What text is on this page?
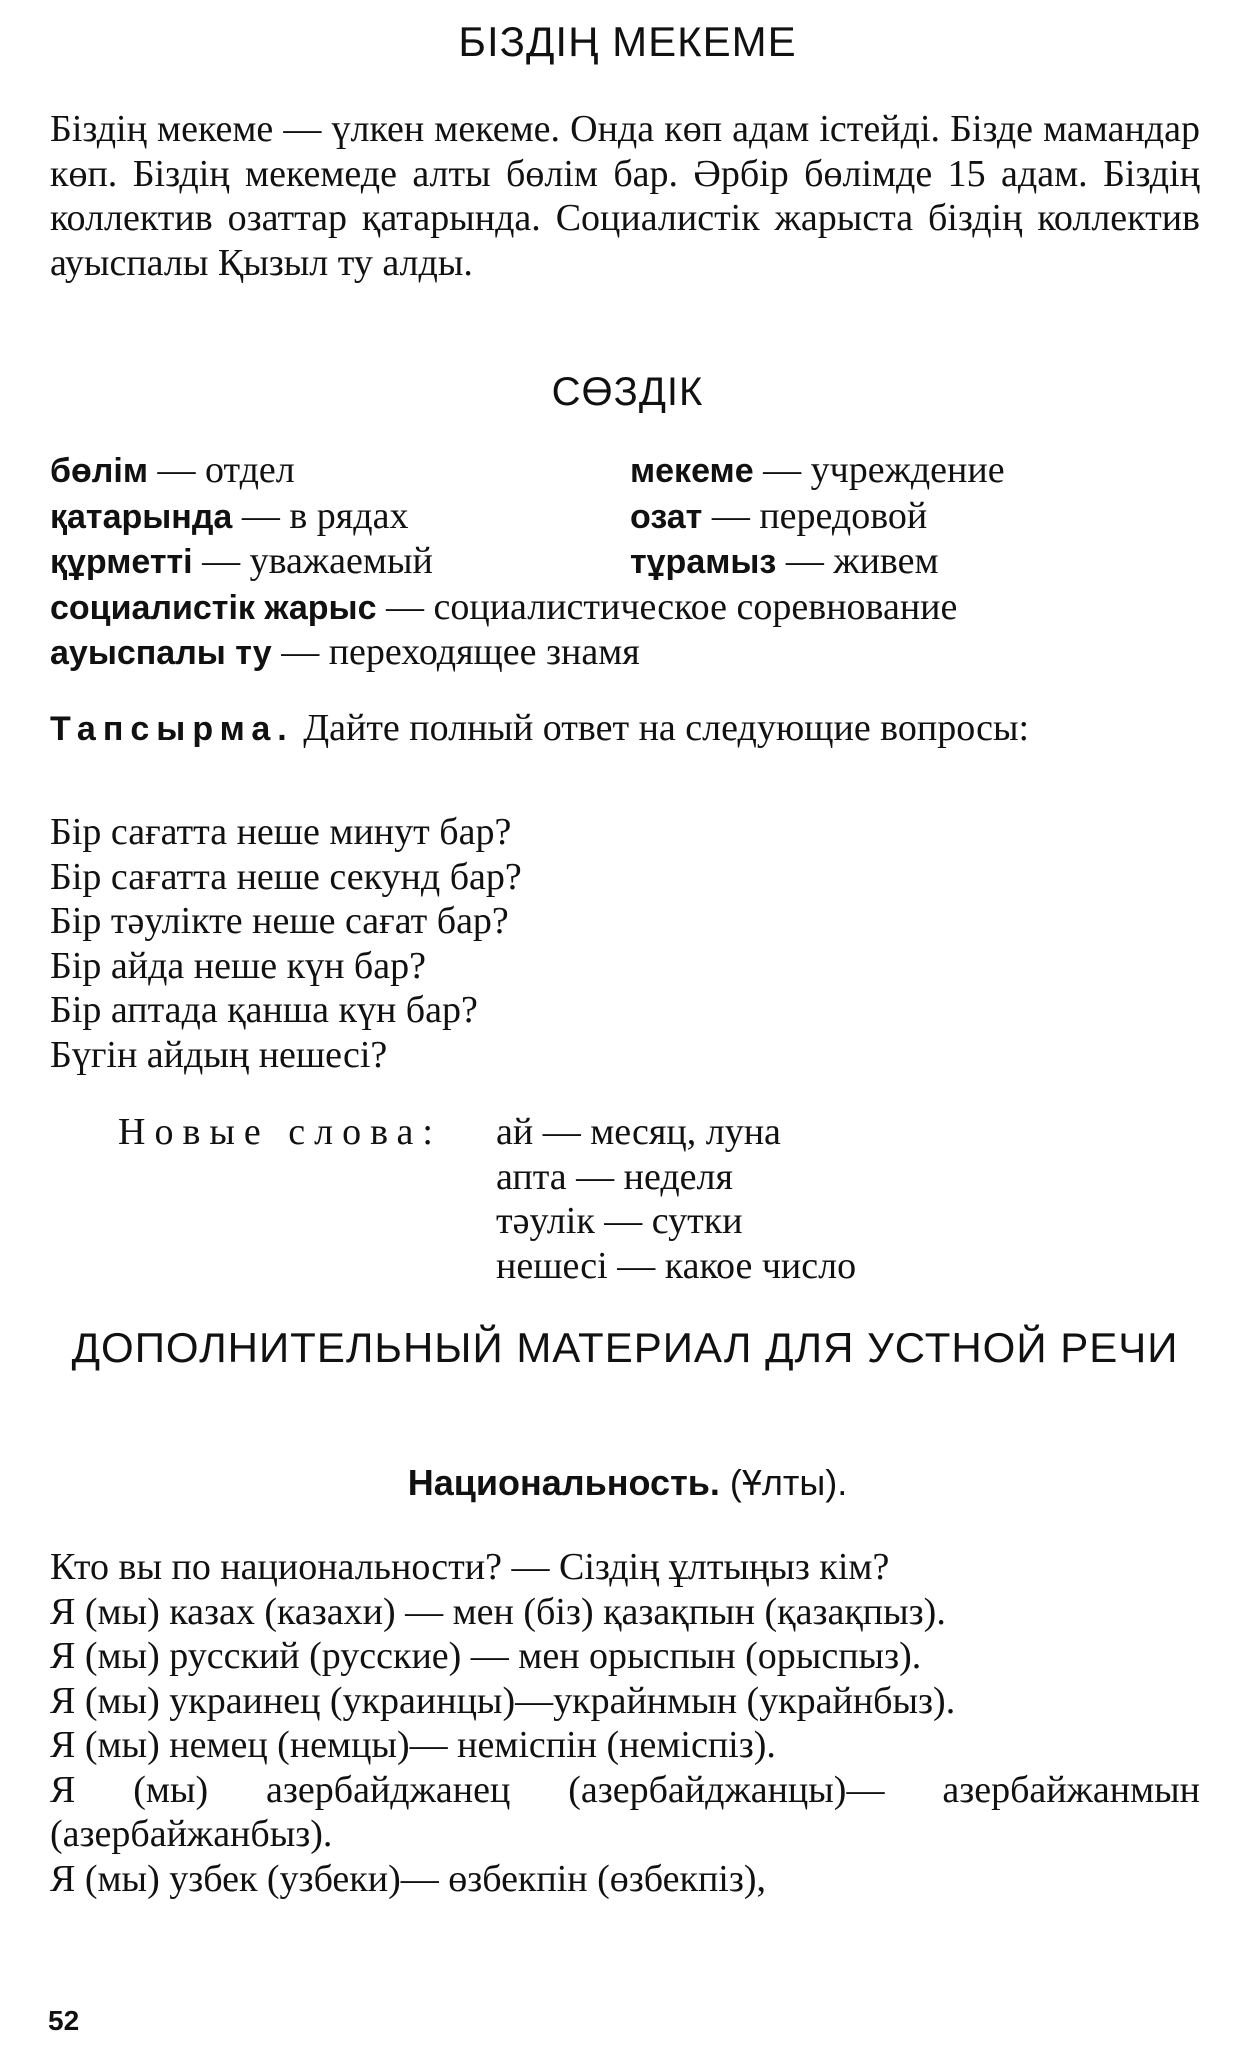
БІЗДІҢ МЕКЕМЕ

Біздің мекеме — үлкен мекеме. Онда көп адам істейді. Бізде мамандар көп. Біздің мекемеде алты бөлім бар. Әрбір бөлімде 15 адам. Біздің коллектив озаттар қатарында. Социалистік жарыста біздің коллектив ауыспалы Қызыл ту алды.

СӨЗДІК
бөлім — отдел	мекеме — учреждение
қатарында — в рядах	озат — передовой
құрметті — уважаемый	тұрамыз — живем
социалистік жарыс — социалистическое соревнование
ауыспалы ту — переходящее знамя

Тапсырма. Дайте полный ответ на следующие вопросы:

Бір сағатта неше минут бар?
Бір сағатта неше секунд бар?
Бір тәулікте неше сағат бар?
Бір айда неше күн бар?
Бір аптада қанша күн бар?
Бүгін айдың нешесі?
Новые слова: ай — месяц, луна
апта — неделя
тәулік — сутки
нешесі — какое число
ДОПОЛНИТЕЛЬНЫЙ МАТЕРИАЛ ДЛЯ УСТНОЙ РЕЧИ
Национальность. (Ұлты).
Кто вы по национальности? — Сіздің ұлтыңыз кім?
Я (мы) казах (казахи) — мен (біз) қазақпын (қазақпыз).
Я (мы) русский (русские) — мен орыспын (орыспыз).
Я (мы) украинец (украинцы)—украйнмын (украйнбыз).
Я (мы) немец (немцы)— неміспін (неміспіз).
Я (мы) азербайджанец (азербайджанцы)— азербайжанмын (азербайжанбыз).
Я (мы) узбек (узбеки)— өзбекпін (өзбекпіз),
52
